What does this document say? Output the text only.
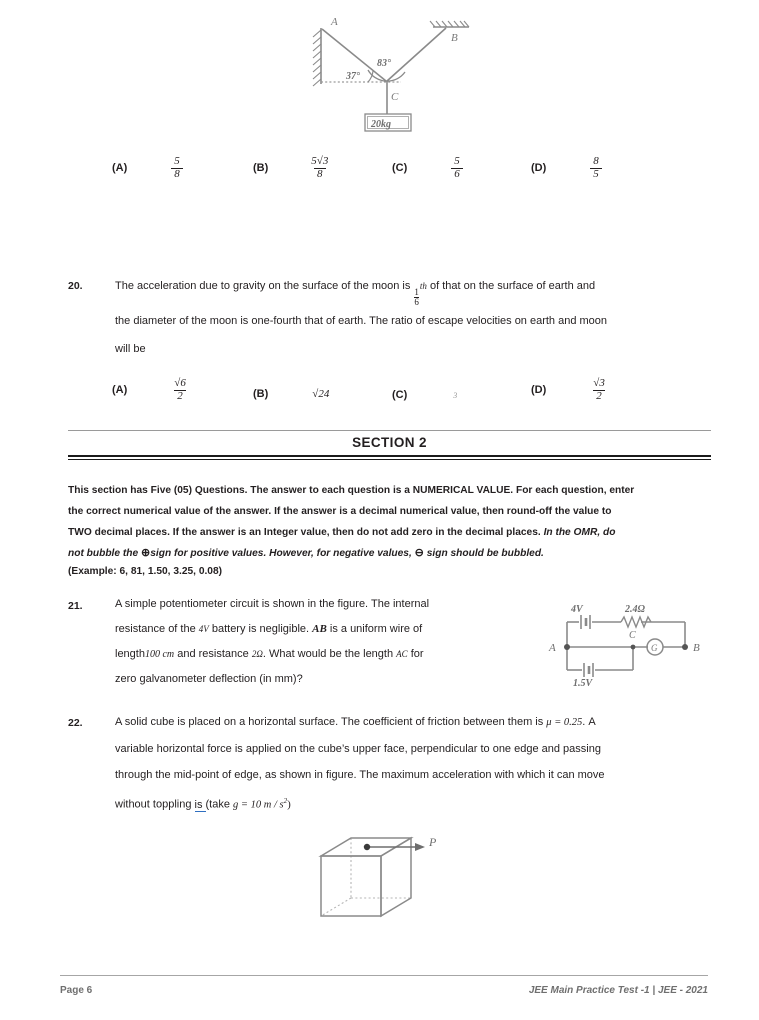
A
B
C
37°
83°
20kg
(A)	$\frac{5}{8}$	(B)	$\frac{5√3}{8}$	(C)	$\frac{5}{6}$	(D)	$\frac{8}{5}$
20.	The acceleration due to gravity on the surface of the moon is
$\frac{1}{6}$
th of that on the surface of earth and
the diameter of the moon is one-fourth that of earth. The ratio of escape velocities on earth and moon
will be
(A)	$\frac{√6}{2}$	(B)	√24	(C)	3	(D)	$\frac{√3}{2}$
SECTION 2
This section has Five (05) Questions. The answer to each question is a NUMERICAL VALUE. For each question, enter
the correct numerical value of the answer. If the answer is a decimal numerical value, then round-off the value to
TWO decimal places. If the answer is an Integer value, then do not add zero in the decimal places. In the OMR, do
not bubble the ⊕sign for positive values. However, for negative values, ⊖ sign should be bubbled.
(Example: 6, 81, 1.50, 3.25, 0.08)
21.	A simple potentiometer circuit is shown in the figure. The internal
resistance of the 4V battery is negligible. AB is a uniform wire of
length100 cm and resistance 2Ω. What would be the length AC for
zero galvanometer deflection (in mm)?
G
4V	2.4Ω
A	B
C
1.5V
22.	A solid cube is placed on a horizontal surface. The coefficient of friction between them is μ = 0.25. A
variable horizontal force is applied on the cube’s upper face, perpendicular to one edge and passing
through the mid-point of edge, as shown in figure. The maximum acceleration with which it can move
without toppling is (take g = 10 m / $s^2$)
P
Page 6	JEE Main Practice Test -1 | JEE - 2021
